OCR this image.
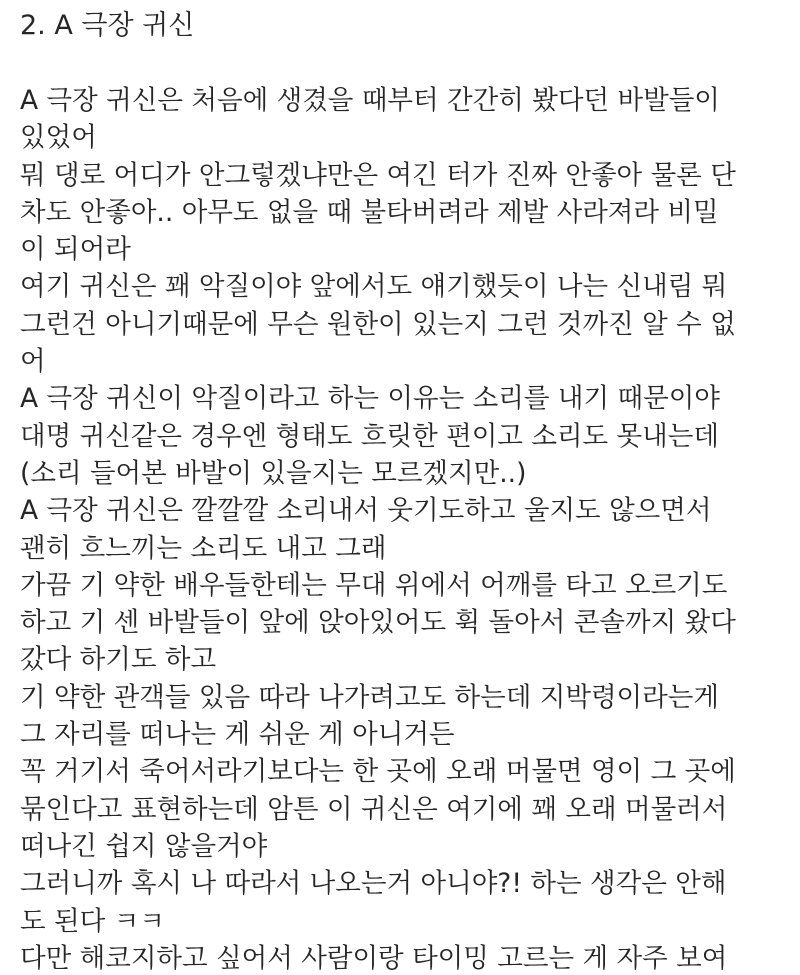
2. A 극장 귀신
A 극장 귀신은 처음에 생겼을 때부터 간간히 봤다던 바발들이
있었어
뭐 댕로 어디가 안그렇겠냐만은 여긴 터가 진짜 안좋아 물론 단
차도 안좋아.. 아무도 없을 때 불타버려라 제발 사라져라 비밀
이 되어라
여기 귀신은 꽤 악질이야 앞에서도 얘기했듯이 나는 신내림 뭐
그런건 아니기때문에 무슨 원한이 있는지 그런 것까진 알 수 없
어
A 극장 귀신이 악질이라고 하는 이유는 소리를 내기 때문이야
대명 귀신같은 경우엔 형태도 흐릿한 편이고 소리도 못내는데
(소리 들어본 바발이 있을지는 모르겠지만..)
A 극장 귀신은 깔깔깔 소리내서 웃기도하고 울지도 않으면서
괜히 흐느끼는 소리도 내고 그래
가끔 기 약한 배우들한테는 무대 위에서 어깨를 타고 오르기도
하고 기 센 바발들이 앞에 앉아있어도 휙 돌아서 콘솔까지 왔다
갔다 하기도 하고
기 약한 관객들 있음 따라 나가려고도 하는데 지박령이라는게
그 자리를 떠나는 게 쉬운 게 아니거든
꼭 거기서 죽어서라기보다는 한 곳에 오래 머물면 영이 그 곳에
묶인다고 표현하는데 암튼 이 귀신은 여기에 꽤 오래 머물러서
떠나긴 쉽지 않을거야
그러니까 혹시 나 따라서 나오는거 아니야?! 하는 생각은 안해
도 된다 ㅋㅋ
다만 해코지하고 싶어서 사람이랑 타이밍 고르는 게 자주 보여
